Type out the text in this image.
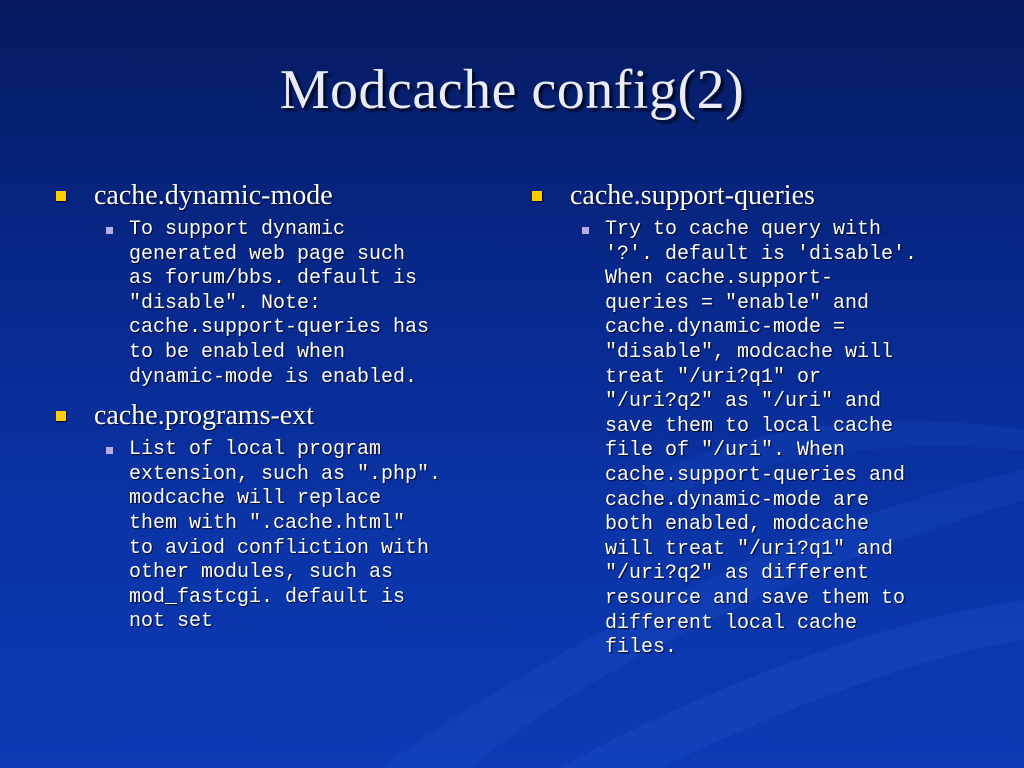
Modcache config(2)
cache.dynamic-mode
To support dynamic
generated web page such
as forum/bbs. default is
"disable". Note:
cache.support-queries has
to be enabled when
dynamic-mode is enabled.
cache.programs-ext
List of local program
extension, such as ".php".
modcache will replace
them with ".cache.html"
to aviod confliction with
other modules, such as
mod_fastcgi. default is
not set
cache.support-queries
Try to cache query with
'?'. default is 'disable'.
When cache.support-
queries = "enable" and
cache.dynamic-mode =
"disable", modcache will
treat "/uri?q1" or
"/uri?q2" as "/uri" and
save them to local cache
file of "/uri". When
cache.support-queries and
cache.dynamic-mode are
both enabled, modcache
will treat "/uri?q1" and
"/uri?q2" as different
resource and save them to
different local cache
files.
